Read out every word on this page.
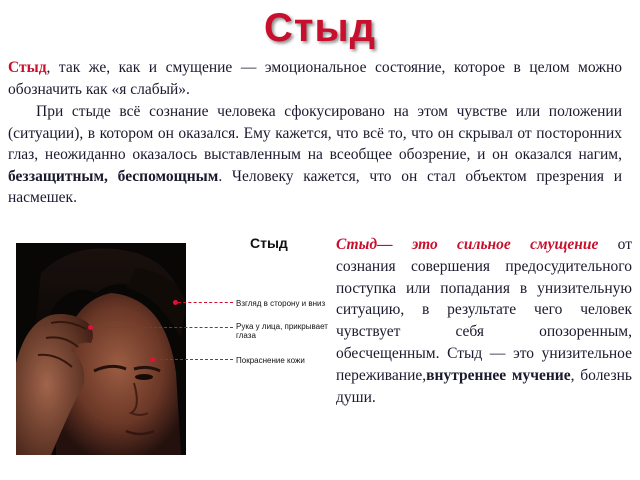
Стыд

Стыд, так же, как и смущение — эмоциональное состояние, которое в целом можно обозначить как «я слабый».

При стыде всё сознание человека сфокусировано на этом чувстве или положении (ситуации), в котором он оказался. Ему кажется, что всё то, что он скрывал от посторонних глаз, неожиданно оказалось выставленным на всеобщее обозрение, и он оказался нагим, беззащитным, беспомощным. Человеку кажется, что он стал объектом презрения и насмешек.

Стыд
Взгляд в сторону и вниз
Рука у лица, прикрывает глаза
Покраснение кожи

Стыд— это сильное смущение от сознания совершения предосудительного поступка или попадания в унизительную ситуацию, в результате чего человек чувствует себя опозоренным, обесчещенным. Стыд — это унизительное переживание,внутреннее мучение, болезнь души.
